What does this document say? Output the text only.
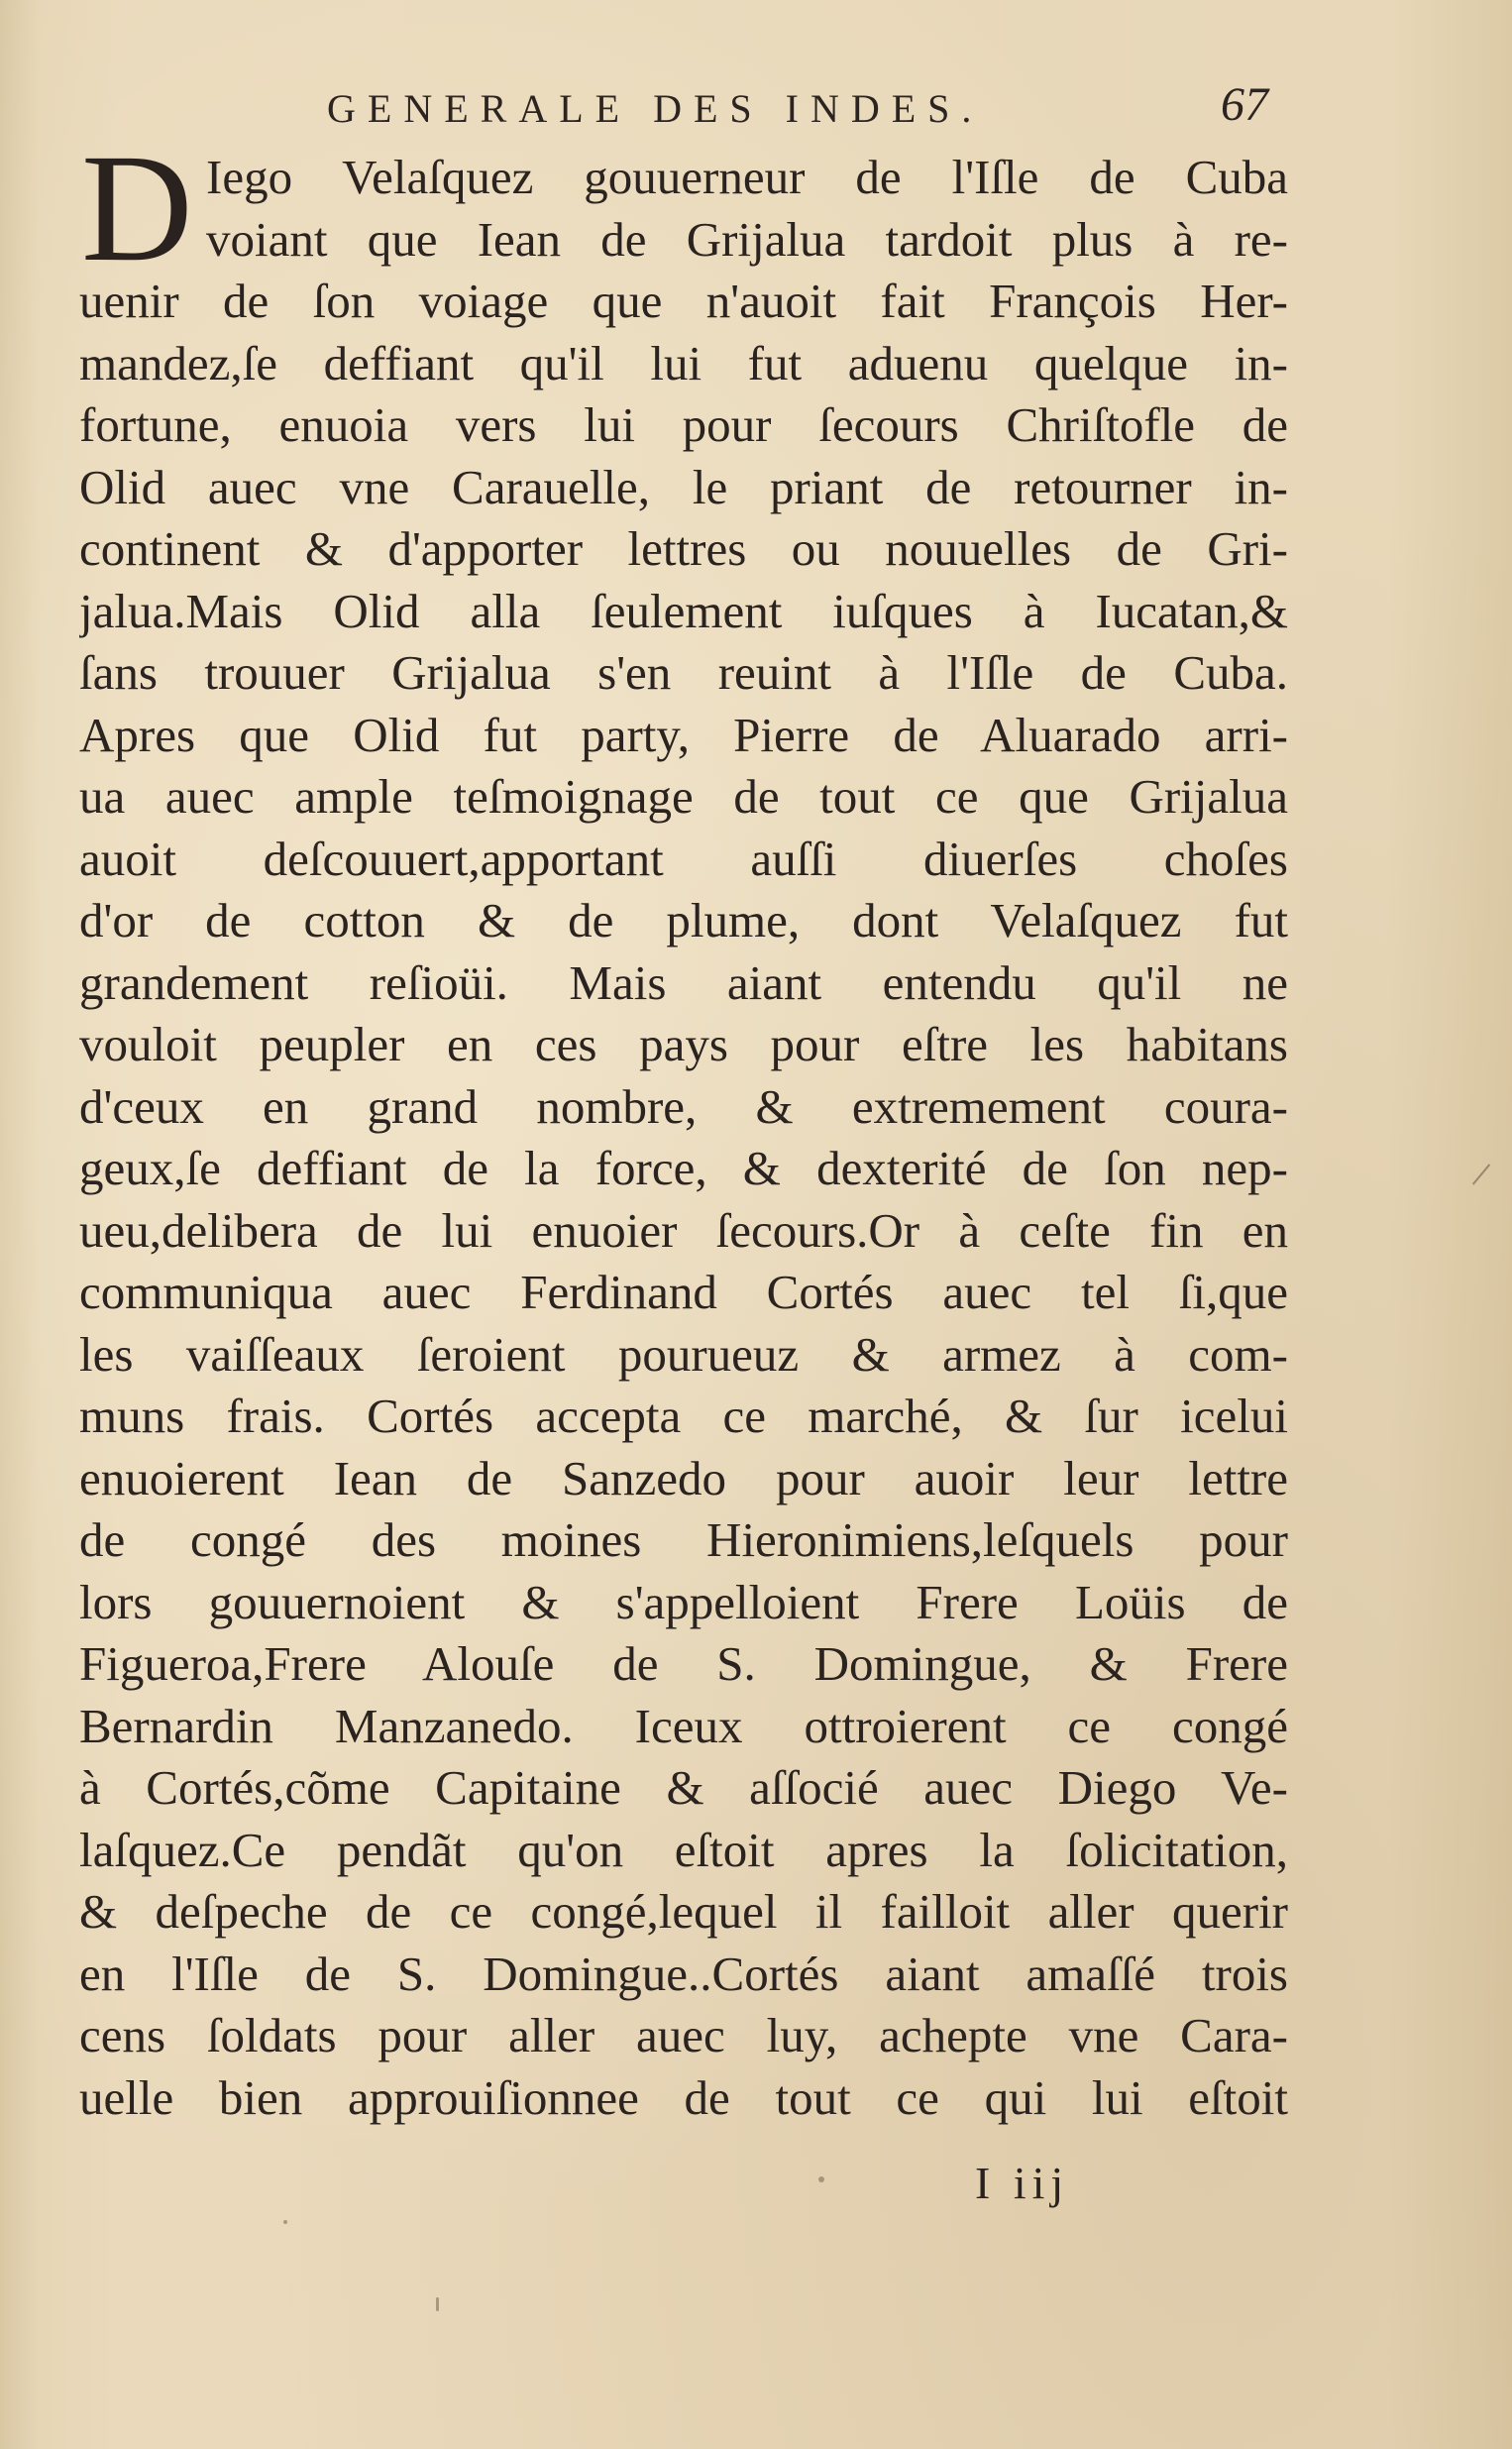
GENERALE DES INDES.	67
D Iego Velaſquez gouuerneur de l'Iſle de Cuba
voiant que Iean de Grijalua tardoit plus à re-
uenir de ſon voiage que n'auoit fait François Her-
mandez,ſe deffiant qu'il lui fut aduenu quelque in-
fortune, enuoia vers lui pour ſecours Chriſtofle de
Olid auec vne Carauelle, le priant de retourner in-
continent & d'apporter lettres ou nouuelles de Gri-
jalua.Mais Olid alla ſeulement iuſques à Iucatan,&
ſans trouuer Grijalua s'en reuint à l'Iſle de Cuba.
Apres que Olid fut party, Pierre de Aluarado arri-
ua auec ample teſmoignage de tout ce que Grijalua
auoit deſcouuert,apportant auſſi diuerſes choſes
d'or de cotton & de plume, dont Velaſquez fut
grandement reſioüi. Mais aiant entendu qu'il ne
vouloit peupler en ces pays pour eſtre les habitans
d'ceux en grand nombre, & extremement coura-
geux,ſe deffiant de la force, & dexterité de ſon nep-
ueu,delibera de lui enuoier ſecours.Or à ceſte fin en
communiqua auec Ferdinand Cortés auec tel ſi,que
les vaiſſeaux ſeroient pourueuz & armez à com-
muns frais. Cortés accepta ce marché, & ſur icelui
enuoierent Iean de Sanzedo pour auoir leur lettre
de congé des moines Hieronimiens,leſquels pour
lors gouuernoient & s'appelloient Frere Loüis de
Figueroa,Frere Alouſe de S. Domingue, & Frere
Bernardin Manzanedo. Iceux ottroierent ce congé
à Cortés,cõme Capitaine & aſſocié auec Diego Ve-
laſquez.Ce pendãt qu'on eſtoit apres la ſolicitation,
& deſpeche de ce congé,lequel il failloit aller querir
en l'Iſle de S. Domingue..Cortés aiant amaſſé trois
cens ſoldats pour aller auec luy, achepte vne Cara-
uelle bien approuiſionnee de tout ce qui lui eſtoit
I iij
